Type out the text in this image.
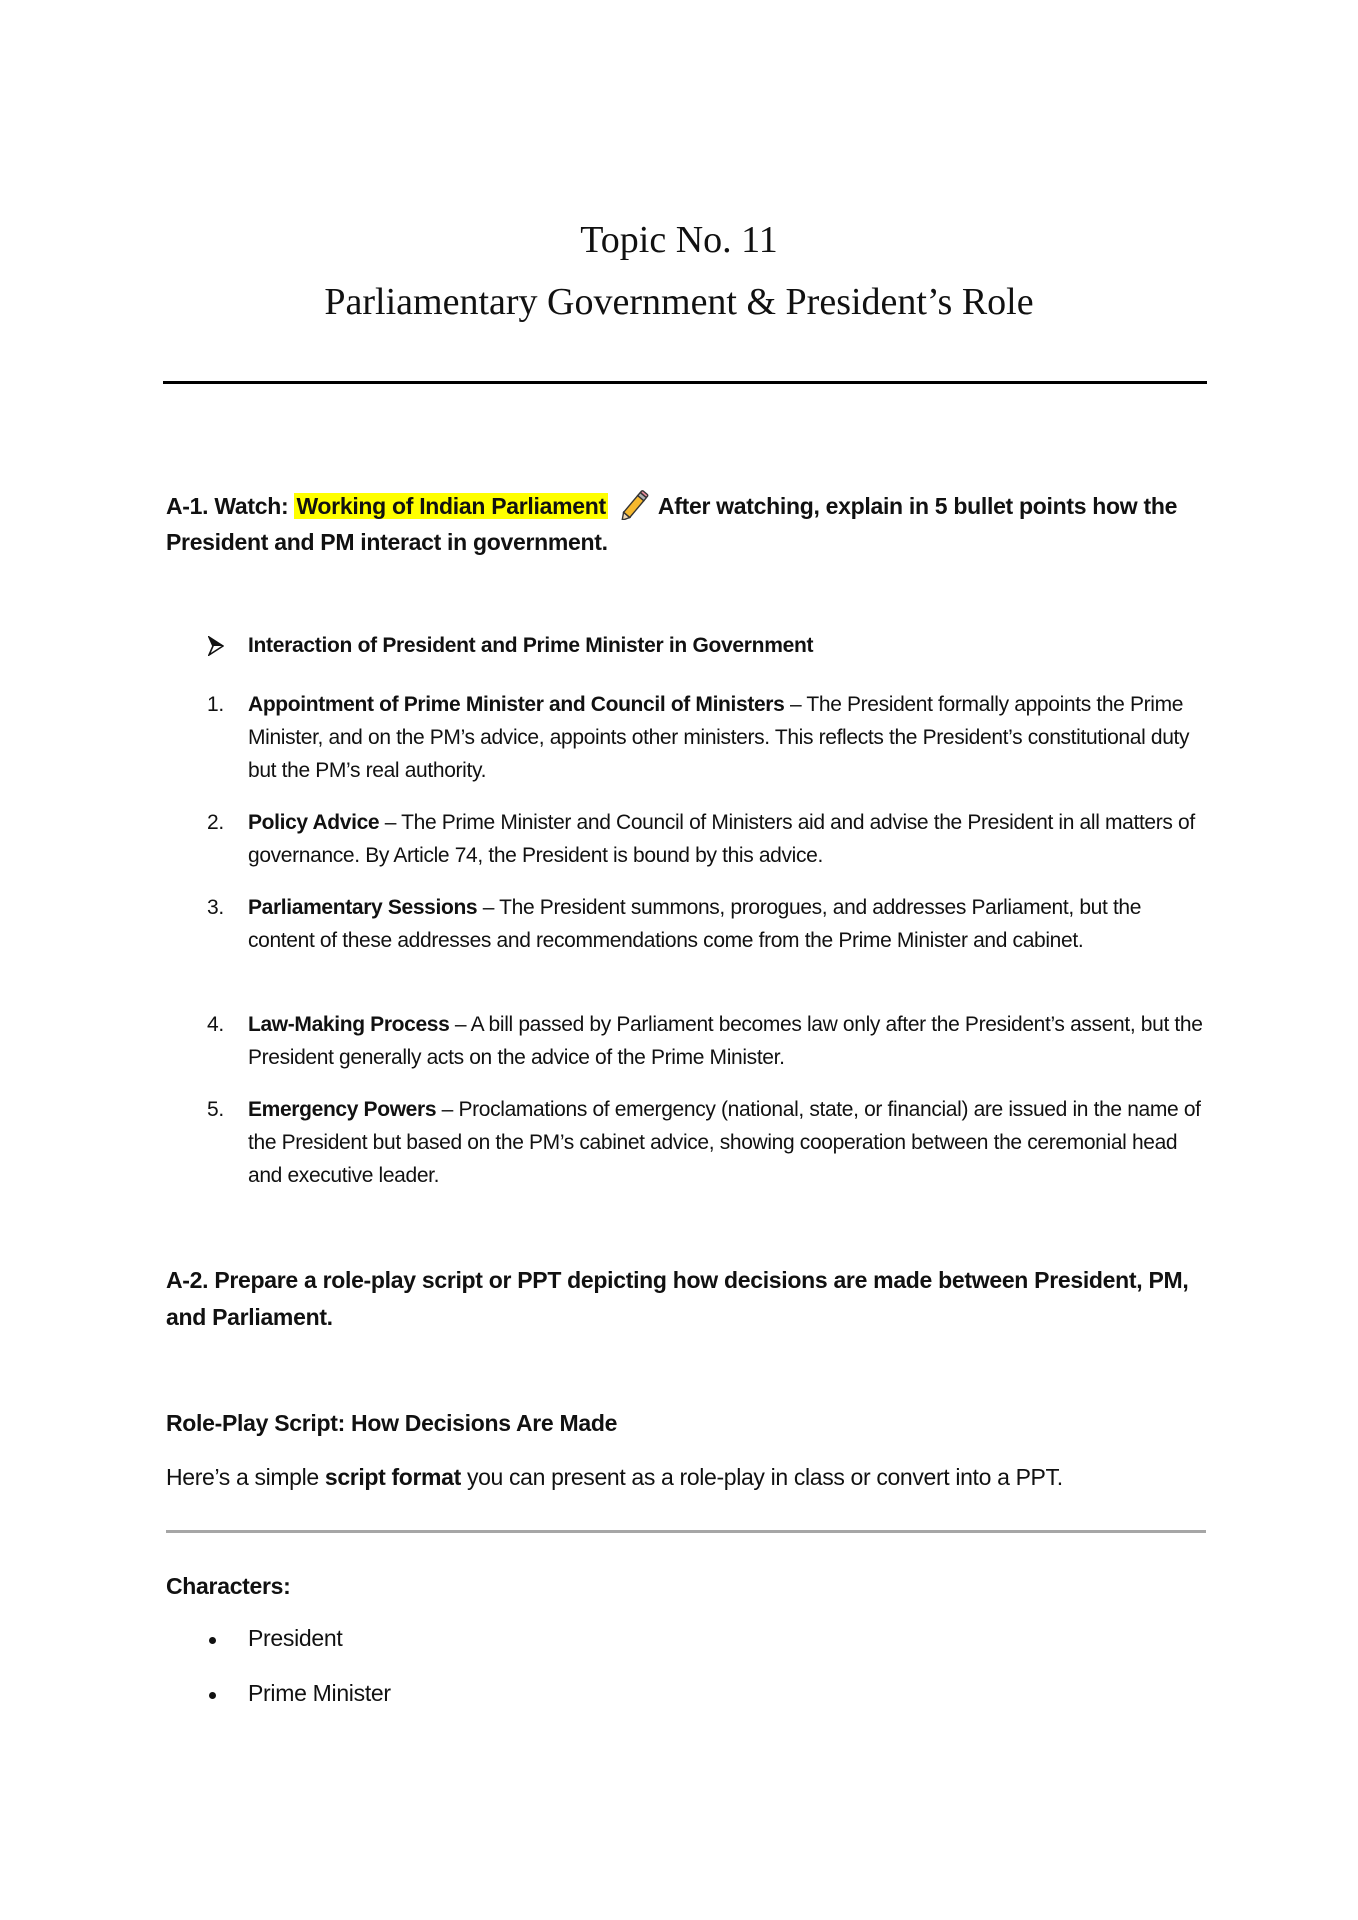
Topic No. 11
Parliamentary Government & President’s Role
A-1. Watch: Working of Indian Parliament After watching, explain in 5 bullet points how the President and PM interact in government.
Interaction of President and Prime Minister in Government
1. Appointment of Prime Minister and Council of Ministers – The President formally appoints the Prime Minister, and on the PM’s advice, appoints other ministers. This reflects the President’s constitutional duty but the PM’s real authority.
2. Policy Advice – The Prime Minister and Council of Ministers aid and advise the President in all matters of governance. By Article 74, the President is bound by this advice.
3. Parliamentary Sessions – The President summons, prorogues, and addresses Parliament, but the content of these addresses and recommendations come from the Prime Minister and cabinet.
4. Law-Making Process – A bill passed by Parliament becomes law only after the President’s assent, but the President generally acts on the advice of the Prime Minister.
5. Emergency Powers – Proclamations of emergency (national, state, or financial) are issued in the name of the President but based on the PM’s cabinet advice, showing cooperation between the ceremonial head and executive leader.
A-2. Prepare a role-play script or PPT depicting how decisions are made between President, PM, and Parliament.
Role-Play Script: How Decisions Are Made
Here’s a simple script format you can present as a role-play in class or convert into a PPT.
Characters:
President
Prime Minister
